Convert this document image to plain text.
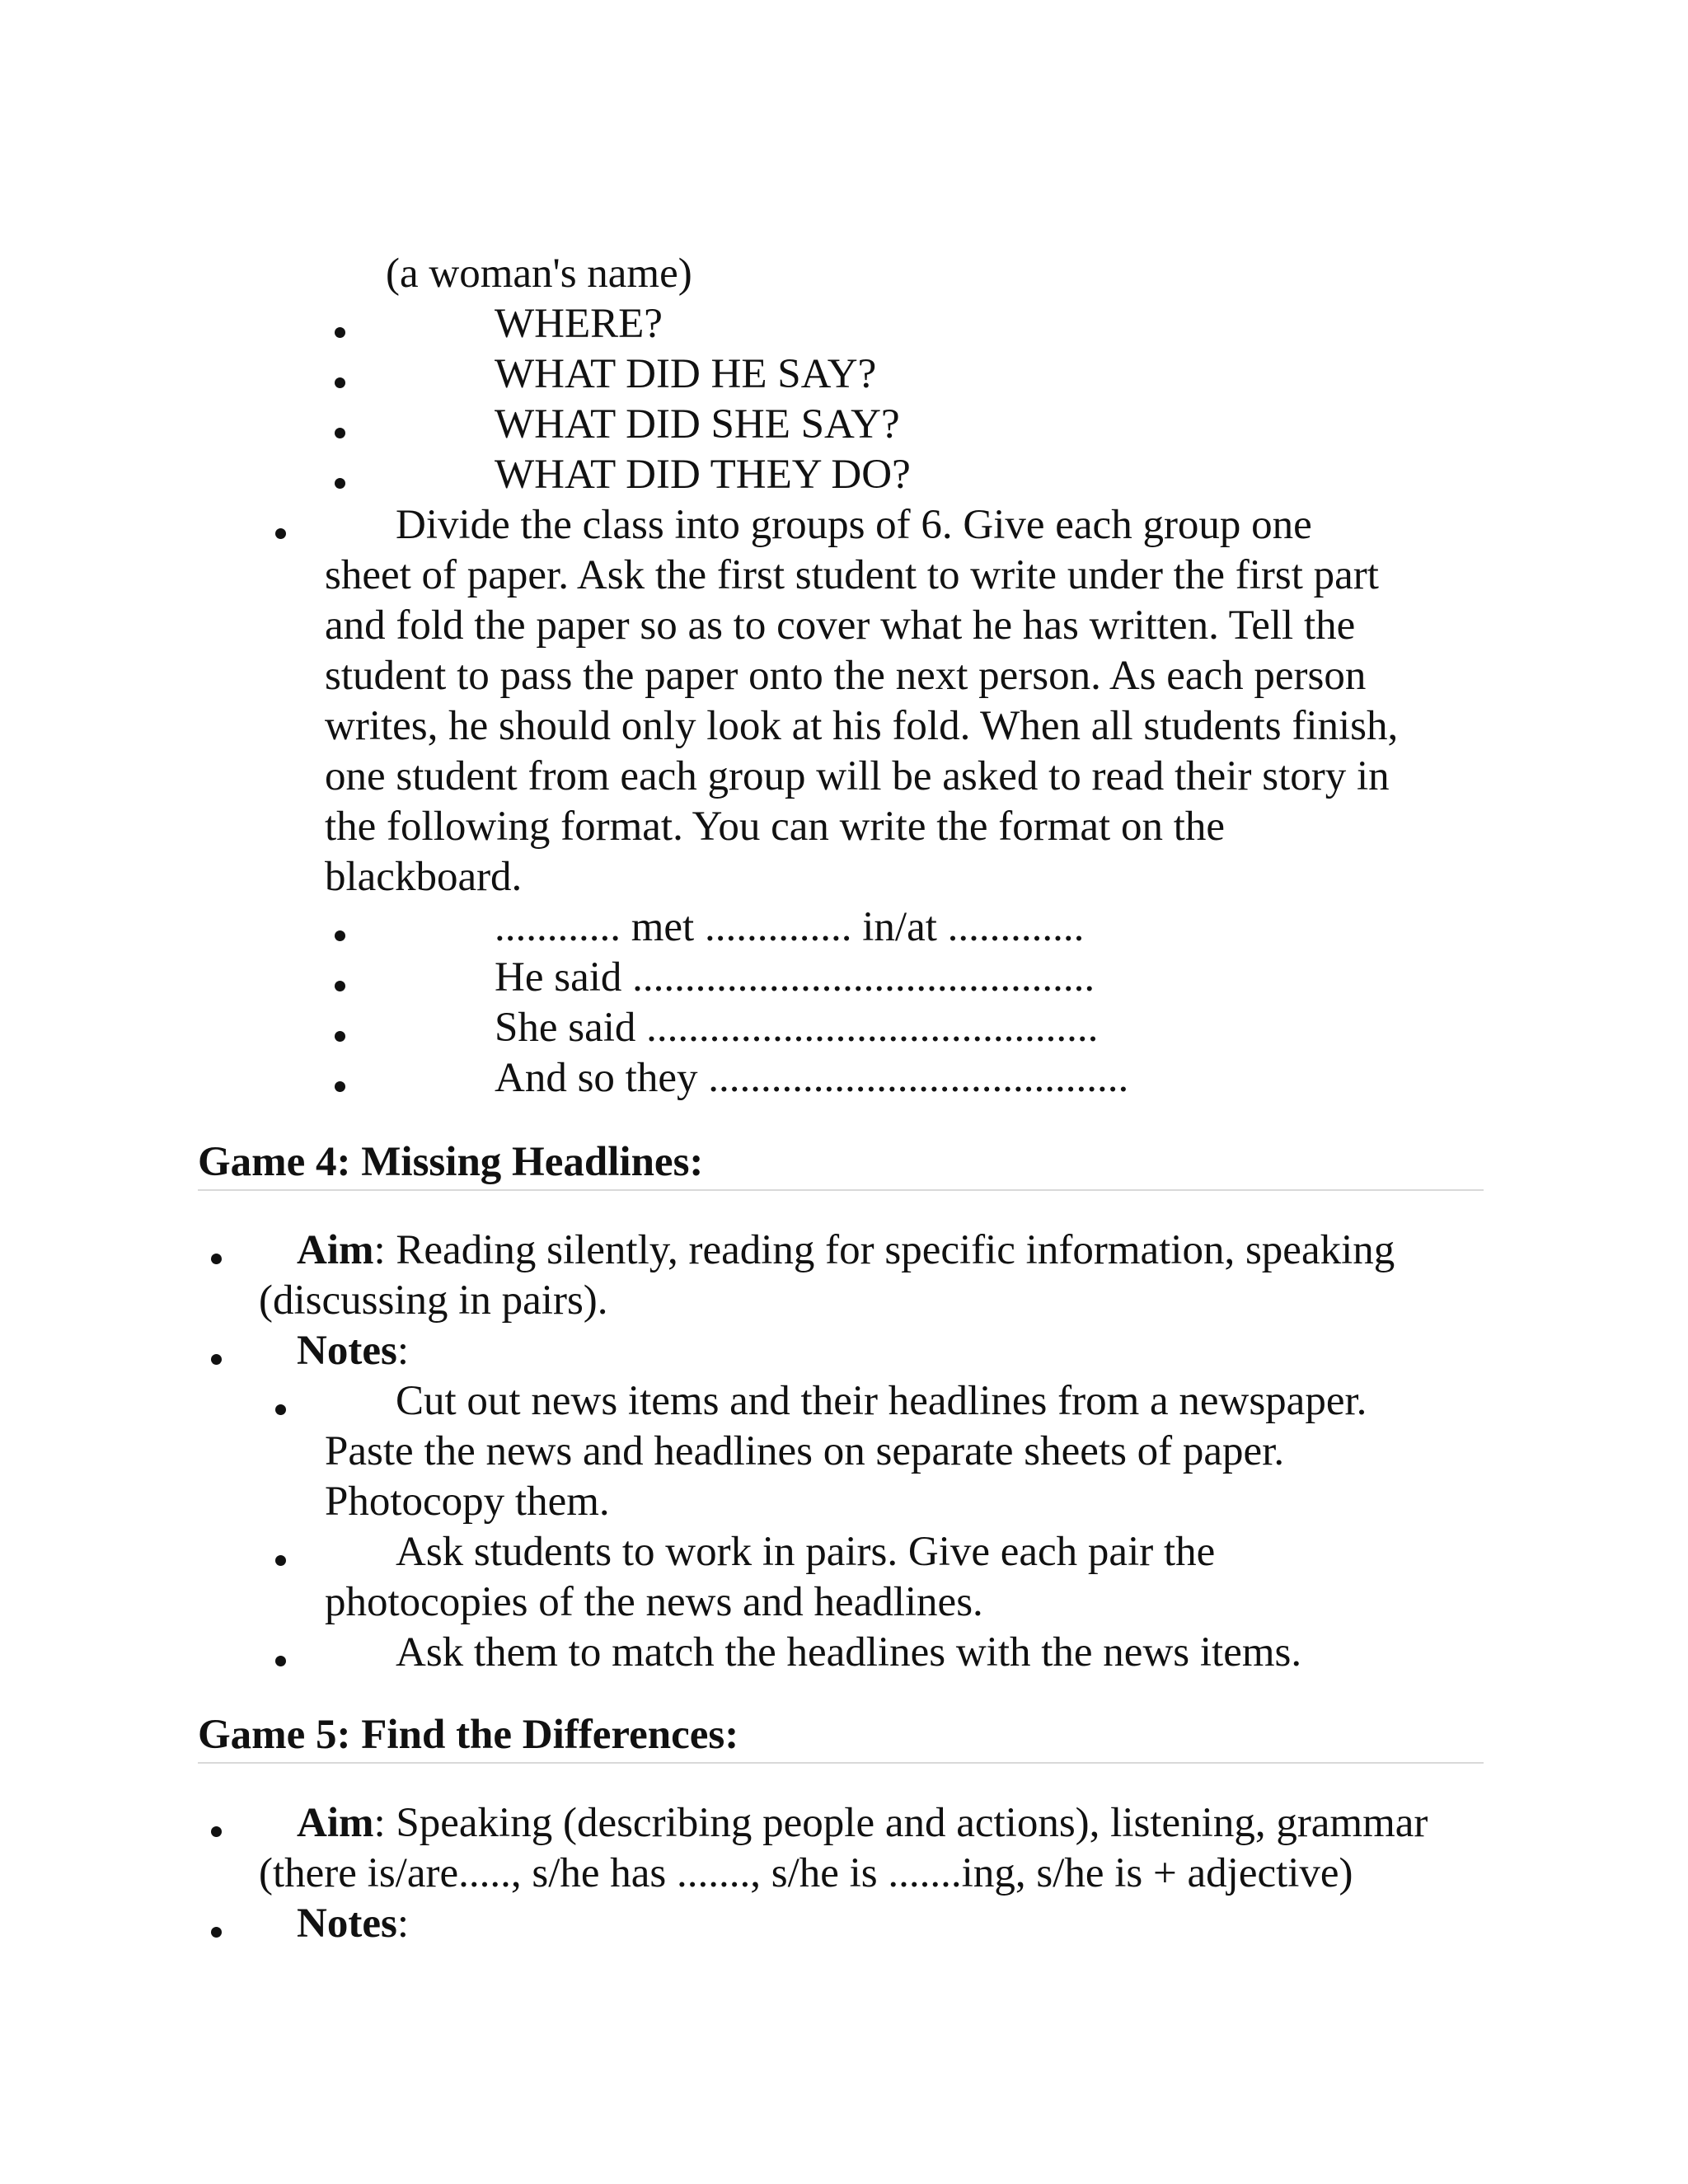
(a woman's name)
WHERE?
WHAT DID HE SAY?
WHAT DID SHE SAY?
WHAT DID THEY DO?
Divide the class into groups of 6. Give each group one
sheet of paper. Ask the first student to write under the first part
and fold the paper so as to cover what he has written. Tell the
student to pass the paper onto the next person. As each person
writes, he should only look at his fold. When all students finish,
one student from each group will be asked to read their story in
the following format. You can write the format on the
blackboard.
............ met .............. in/at .............
He said ............................................
She said ...........................................
And so they ........................................
Game 4: Missing Headlines:
Aim: Reading silently, reading for specific information, speaking
(discussing in pairs).
Notes:
Cut out news items and their headlines from a newspaper.
Paste the news and headlines on separate sheets of paper.
Photocopy them.
Ask students to work in pairs. Give each pair the
photocopies of the news and headlines.
Ask them to match the headlines with the news items.
Game 5: Find the Differences:
Aim: Speaking (describing people and actions), listening, grammar
(there is/are....., s/he has ......., s/he is .......ing, s/he is + adjective)
Notes:
